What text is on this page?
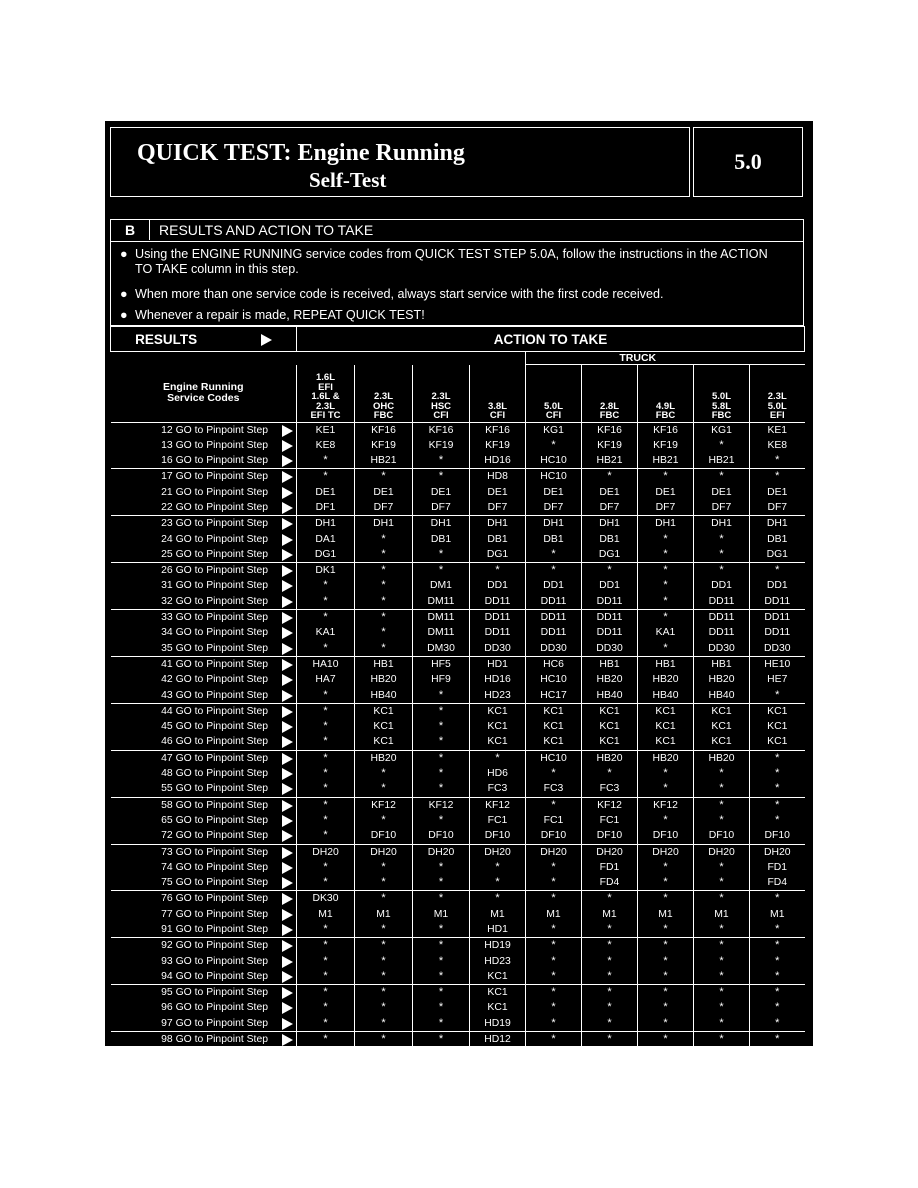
QUICK TEST: Engine Running
Self-Test
5.0
B RESULTS AND ACTION TO TAKE
● Using the ENGINE RUNNING service codes from QUICK TEST STEP 5.0A, follow the instructions in the ACTION TO TAKE column in this step.
● When more than one service code is received, always start service with the first code received.
● Whenever a repair is made, REPEAT QUICK TEST!
RESULTS	ACTION TO TAKE								
					TRUCK				
Engine Running
Service Codes	1.6L
EFI
1.6L &
2.3L
EFI TC	2.3L
OHC
FBC	2.3L
HSC
CFI	3.8L
CFI	5.0L
CFI	2.8L
FBC	4.9L
FBC	5.0L
5.8L
FBC	2.3L
5.0L
EFI
12 GO to Pinpoint Step	KE1	KF16	KF16	KF16	KG1	KF16	KF16	KG1	KE1
13 GO to Pinpoint Step	KE8	KF19	KF19	KF19	*	KF19	KF19	*	KE8
16 GO to Pinpoint Step	*	HB21	*	HD16	HC10	HB21	HB21	HB21	*
17 GO to Pinpoint Step	*	*	*	HD8	HC10	*	*	*	*
21 GO to Pinpoint Step	DE1	DE1	DE1	DE1	DE1	DE1	DE1	DE1	DE1
22 GO to Pinpoint Step	DF1	DF7	DF7	DF7	DF7	DF7	DF7	DF7	DF7
23 GO to Pinpoint Step	DH1	DH1	DH1	DH1	DH1	DH1	DH1	DH1	DH1
24 GO to Pinpoint Step	DA1	*	DB1	DB1	DB1	DB1	*	*	DB1
25 GO to Pinpoint Step	DG1	*	*	DG1	*	DG1	*	*	DG1
26 GO to Pinpoint Step	DK1	*	*	*	*	*	*	*	*
31 GO to Pinpoint Step	*	*	DM1	DD1	DD1	DD1	*	DD1	DD1
32 GO to Pinpoint Step	*	*	DM11	DD11	DD11	DD11	*	DD11	DD11
33 GO to Pinpoint Step	*	*	DM11	DD11	DD11	DD11	*	DD11	DD11
34 GO to Pinpoint Step	KA1	*	DM11	DD11	DD11	DD11	KA1	DD11	DD11
35 GO to Pinpoint Step	*	*	DM30	DD30	DD30	DD30	*	DD30	DD30
41 GO to Pinpoint Step	HA10	HB1	HF5	HD1	HC6	HB1	HB1	HB1	HE10
42 GO to Pinpoint Step	HA7	HB20	HF9	HD16	HC10	HB20	HB20	HB20	HE7
43 GO to Pinpoint Step	*	HB40	*	HD23	HC17	HB40	HB40	HB40	*
44 GO to Pinpoint Step	*	KC1	*	KC1	KC1	KC1	KC1	KC1	KC1
45 GO to Pinpoint Step	*	KC1	*	KC1	KC1	KC1	KC1	KC1	KC1
46 GO to Pinpoint Step	*	KC1	*	KC1	KC1	KC1	KC1	KC1	KC1
47 GO to Pinpoint Step	*	HB20	*	*	HC10	HB20	HB20	HB20	*
48 GO to Pinpoint Step	*	*	*	HD6	*	*	*	*	*
55 GO to Pinpoint Step	*	*	*	FC3	FC3	FC3	*	*	*
58 GO to Pinpoint Step	*	KF12	KF12	KF12	*	KF12	KF12	*	*
65 GO to Pinpoint Step	*	*	*	FC1	FC1	FC1	*	*	*
72 GO to Pinpoint Step	*	DF10	DF10	DF10	DF10	DF10	DF10	DF10	DF10
73 GO to Pinpoint Step	DH20	DH20	DH20	DH20	DH20	DH20	DH20	DH20	DH20
74 GO to Pinpoint Step	*	*	*	*	*	FD1	*	*	FD1
75 GO to Pinpoint Step	*	*	*	*	*	FD4	*	*	FD4
76 GO to Pinpoint Step	DK30	*	*	*	*	*	*	*	*
77 GO to Pinpoint Step	M1	M1	M1	M1	M1	M1	M1	M1	M1
91 GO to Pinpoint Step	*	*	*	HD1	*	*	*	*	*
92 GO to Pinpoint Step	*	*	*	HD19	*	*	*	*	*
93 GO to Pinpoint Step	*	*	*	HD23	*	*	*	*	*
94 GO to Pinpoint Step	*	*	*	KC1	*	*	*	*	*
95 GO to Pinpoint Step	*	*	*	KC1	*	*	*	*	*
96 GO to Pinpoint Step	*	*	*	KC1	*	*	*	*	*
97 GO to Pinpoint Step	*	*	*	HD19	*	*	*	*	*
98 GO to Pinpoint Step	*	*	*	HD12	*	*	*	*	*
No Codes/Code Not Listed	GO to Pinpoint Test Step Q1								
